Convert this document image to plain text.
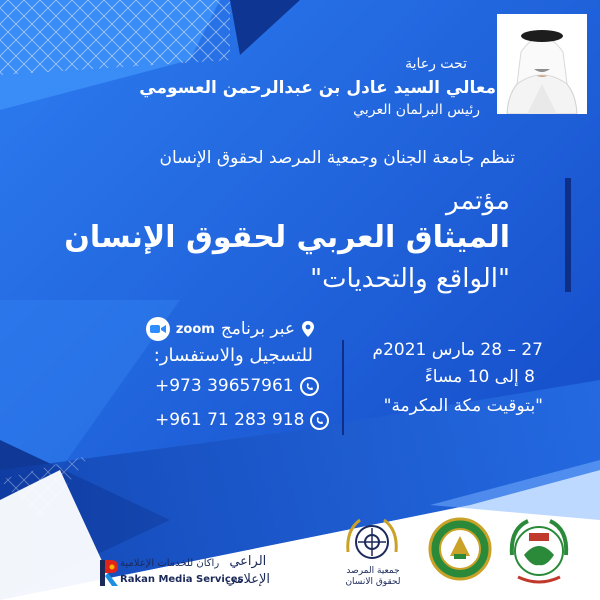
تحت رعاية
معالي السيد عادل بن عبدالرحمن العسومي
رئيس البرلمان العربي
تنظم جامعة الجنان وجمعية المرصد لحقوق الإنسان
مؤتمر
الميثاق العربي لحقوق الإنسان
"الواقع والتحديات"
عبر برنامج
zoom
للتسجيل والاستفسار:
+973 39657961
+961 71 283 918
27 – 28 مارس 2021م
8 إلى 10 مساءً
"بتوقيت مكة المكرمة"
الراعي
الإعلامي
راكان للخدمات الإعلامية
Rakan Media Services
جمعية المرصد
لحقوق الانسان
